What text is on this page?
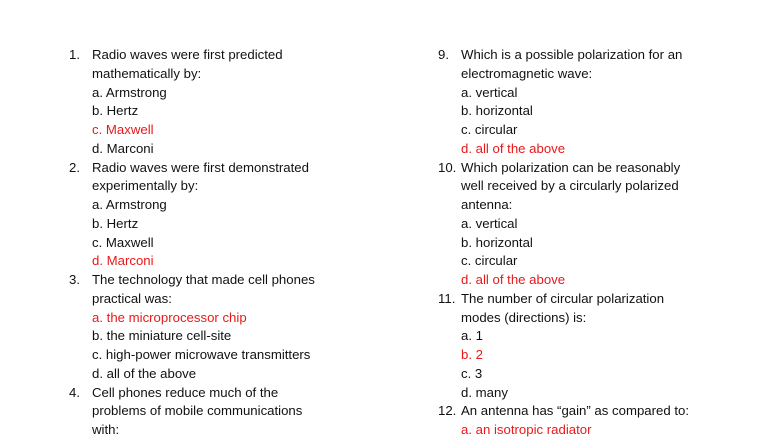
1. Radio waves were first predicted
mathematically by:
a. Armstrong
b. Hertz
c. Maxwell
d. Marconi
2. Radio waves were first demonstrated
experimentally by:
a. Armstrong
b. Hertz
c. Maxwell
d. Marconi
3. The technology that made cell phones
practical was:
a. the microprocessor chip
b. the miniature cell-site
c. high-power microwave transmitters
d. all of the above
4. Cell phones reduce much of the
problems of mobile communications
with:
9. Which is a possible polarization for an
electromagnetic wave:
a. vertical
b. horizontal
c. circular
d. all of the above
10. Which polarization can be reasonably
well received by a circularly polarized
antenna:
a. vertical
b. horizontal
c. circular
d. all of the above
11. The number of circular polarization
modes (directions) is:
a. 1
b. 2
c. 3
d. many
12. An antenna has “gain” as compared to:
a. an isotropic radiator
